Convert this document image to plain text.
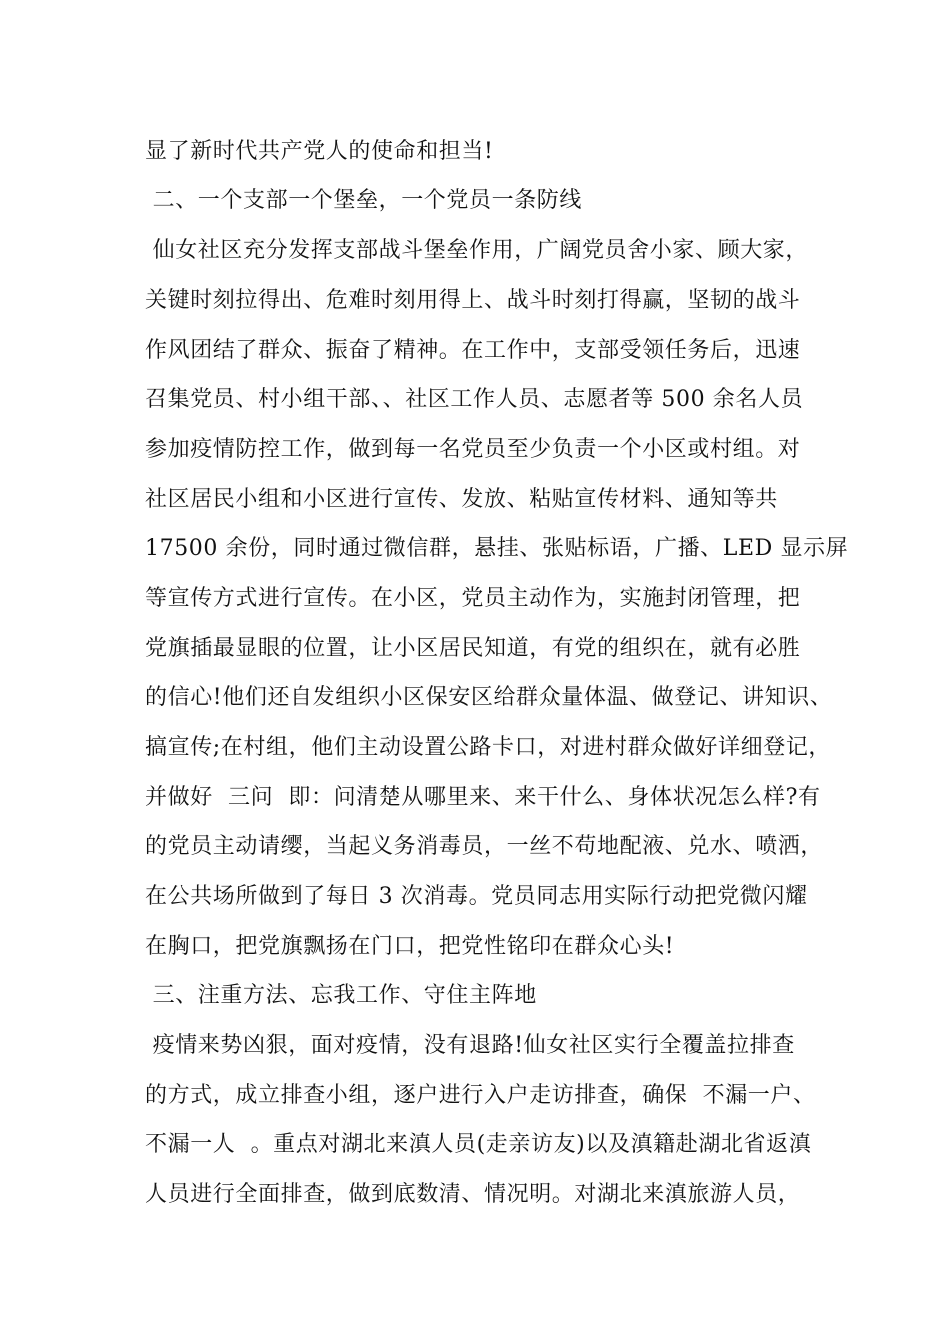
显了新时代共产党人的使命和担当!
二、一个支部一个堡垒，一个党员一条防线
仙女社区充分发挥支部战斗堡垒作用，广阔党员舍小家、顾大家，
关键时刻拉得出、危难时刻用得上、战斗时刻打得赢，坚韧的战斗
作风团结了群众、振奋了精神。在工作中，支部受领任务后，迅速
召集党员、村小组干部、、社区工作人员、志愿者等 500 余名人员
参加疫情防控工作，做到每一名党员至少负责一个小区或村组。对
社区居民小组和小区进行宣传、发放、粘贴宣传材料、通知等共
17500 余份，同时通过微信群，悬挂、张贴标语，广播、LED 显示屏
等宣传方式进行宣传。在小区，党员主动作为，实施封闭管理，把
党旗插最显眼的位置，让小区居民知道，有党的组织在，就有必胜
的信心!他们还自发组织小区保安区给群众量体温、做登记、讲知识、
搞宣传;在村组，他们主动设置公路卡口，对进村群众做好详细登记，
并做好  三问  即：问清楚从哪里来、来干什么、身体状况怎么样?有
的党员主动请缨，当起义务消毒员，一丝不苟地配液、兑水、喷洒，
在公共场所做到了每日 3 次消毒。党员同志用实际行动把党微闪耀
在胸口，把党旗飘扬在门口，把党性铭印在群众心头!
三、注重方法、忘我工作、守住主阵地
疫情来势凶狠，面对疫情，没有退路!仙女社区实行全覆盖拉排查
的方式，成立排查小组，逐户进行入户走访排查，确保  不漏一户、
不漏一人  。重点对湖北来滇人员(走亲访友)以及滇籍赴湖北省返滇
人员进行全面排查，做到底数清、情况明。对湖北来滇旅游人员，
